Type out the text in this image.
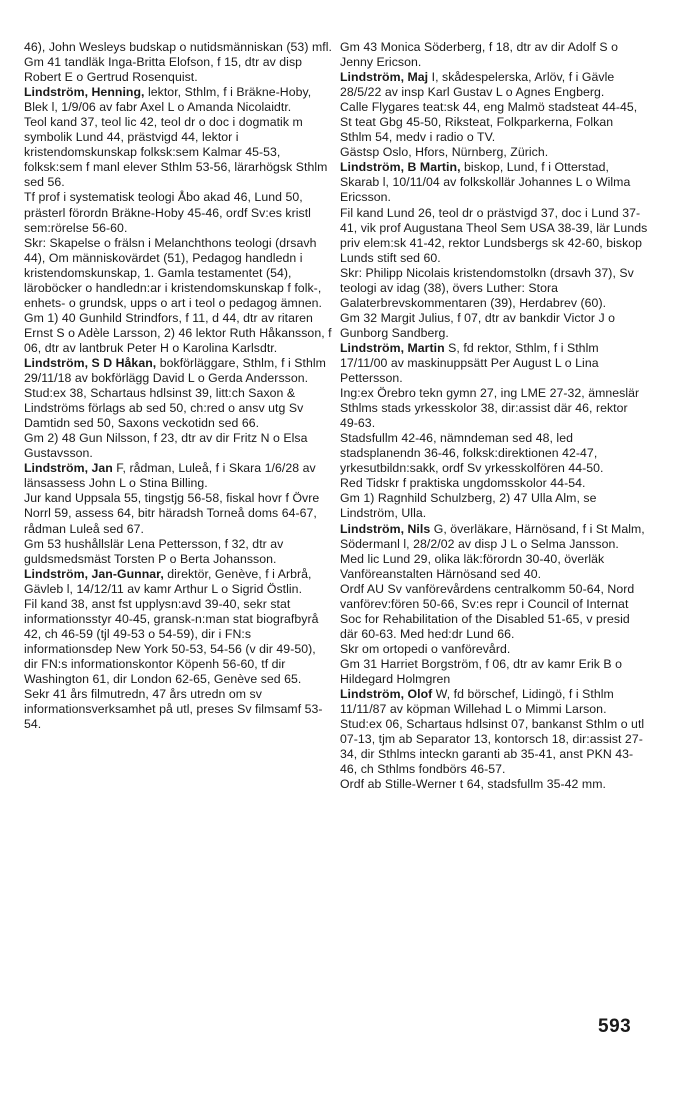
46), John Wesleys budskap o nutidsmänniskan (53) mfl.

Gm 41 tandläk Inga-Britta Elofson, f 15, dtr av disp Robert E o Gertrud Rosenquist.

Lindström, Henning, lektor, Sthlm, f i Bräkne-Hoby, Blek l, 1/9/06 av fabr Axel L o Amanda Nicolaidtr.

Teol kand 37, teol lic 42, teol dr o doc i dogmatik m symbolik Lund 44, prästvigd 44, lektor i kristendomskunskap folksk:sem Kalmar 45-53, folksk:sem f manl elever Sthlm 53-56, lärarhögsk Sthlm sed 56.

Tf prof i systematisk teologi Åbo akad 46, Lund 50, prästerl förordn Bräkne-Hoby 45-46, ordf Sv:es kristl sem:rörelse 56-60.

Skr: Skapelse o frälsn i Melanchthons teologi (drsavh 44), Om människovärdet (51), Pedagog handledn i kristendomskunskap, 1. Gamla testamentet (54), läroböcker o handledn:ar i kristendomskunskap f folk-, enhets- o grundsk, upps o art i teol o pedagog ämnen.

Gm 1) 40 Gunhild Strindfors, f 11, d 44, dtr av ritaren Ernst S o Adèle Larsson, 2) 46 lektor Ruth Håkansson, f 06, dtr av lantbruk Peter H o Karolina Karlsdtr.

Lindström, S D Håkan, bokförläggare, Sthlm, f i Sthlm 29/11/18 av bokförlägg David L o Gerda Andersson.

Stud:ex 38, Schartaus hdlsinst 39, litt:ch Saxon & Lindströms förlags ab sed 50, ch:red o ansv utg Sv Damtidn sed 50, Saxons veckotidn sed 66.

Gm 2) 48 Gun Nilsson, f 23, dtr av dir Fritz N o Elsa Gustavsson.

Lindström, Jan F, rådman, Luleå, f i Skara 1/6/28 av länsassess John L o Stina Billing.

Jur kand Uppsala 55, tingstjg 56-58, fiskal hovr f Övre Norrl 59, assess 64, bitr häradsh Torneå doms 64-67, rådman Luleå sed 67.

Gm 53 hushållslär Lena Pettersson, f 32, dtr av guldsmedsmäst Torsten P o Berta Johansson.

Lindström, Jan-Gunnar, direktör, Genève, f i Arbrå, Gävleb l, 14/12/11 av kamr Arthur L o Sigrid Östlin.

Fil kand 38, anst fst upplysn:avd 39-40, sekr stat informationsstyr 40-45, gransk-n:man stat biografbyrå 42, ch 46-59 (tjl 49-53 o 54-59), dir i FN:s informationsdep New York 50-53, 54-56 (v dir 49-50), dir FN:s informationskontor Köpenh 56-60, tf dir Washington 61, dir London 62-65, Genève sed 65.

Sekr 41 års filmutredn, 47 års utredn om sv informationsverksamhet på utl, preses Sv filmsamf 53-54.

Gm 43 Monica Söderberg, f 18, dtr av dir Adolf S o Jenny Ericson.

Lindström, Maj I, skådespelerska, Arlöv, f i Gävle 28/5/22 av insp Karl Gustav L o Agnes Engberg.

Calle Flygares teat:sk 44, eng Malmö stadsteat 44-45, St teat Gbg 45-50, Riksteat, Folkparkerna, Folkan Sthlm 54, medv i radio o TV.

Gästsp Oslo, Hfors, Nürnberg, Zürich.

Lindström, B Martin, biskop, Lund, f i Otterstad, Skarab l, 10/11/04 av folkskollär Johannes L o Wilma Ericsson.

Fil kand Lund 26, teol dr o prästvigd 37, doc i Lund 37-41, vik prof Augustana Theol Sem USA 38-39, lär Lunds priv elem:sk 41-42, rektor Lundsbergs sk 42-60, biskop Lunds stift sed 60.

Skr: Philipp Nicolais kristendomstolkn (drsavh 37), Sv teologi av idag (38), övers Luther: Stora Galaterbrevskommentaren (39), Herdabrev (60).

Gm 32 Margit Julius, f 07, dtr av bankdir Victor J o Gunborg Sandberg.

Lindström, Martin S, fd rektor, Sthlm, f i Sthlm 17/11/00 av maskinuppsätt Per August L o Lina Pettersson.

Ing:ex Örebro tekn gymn 27, ing LME 27-32, ämneslär Sthlms stads yrkesskolor 38, dir:assist där 46, rektor 49-63.

Stadsfullm 42-46, nämndeman sed 48, led stadsplanendn 36-46, folksk:direktionen 42-47, yrkesutbildn:sakk, ordf Sv yrkesskolfören 44-50.

Red Tidskr f praktiska ungdomsskolor 44-54.

Gm 1) Ragnhild Schulzberg, 2) 47 Ulla Alm, se Lindström, Ulla.

Lindström, Nils G, överläkare, Härnösand, f i St Malm, Södermanl l, 28/2/02 av disp J L o Selma Jansson.

Med lic Lund 29, olika läk:förordn 30-40, överläk Vanföreanstalten Härnösand sed 40.

Ordf AU Sv vanförevårdens centralkomm 50-64, Nord vanförev:fören 50-66, Sv:es repr i Council of Internat Soc for Rehabilitation of the Disabled 51-65, v presid där 60-63. Med hed:dr Lund 66.

Skr om ortopedi o vanförevård.

Gm 31 Harriet Borgström, f 06, dtr av kamr Erik B o Hildegard Holmgren

Lindström, Olof W, fd börschef, Lidingö, f i Sthlm 11/11/87 av köpman Willehad L o Mimmi Larson.

Stud:ex 06, Schartaus hdlsinst 07, bankanst Sthlm o utl 07-13, tjm ab Separator 13, kontorsch 18, dir:assist 27-34, dir Sthlms inteckn garanti ab 35-41, anst PKN 43-46, ch Sthlms fondbörs 46-57.

Ordf ab Stille-Werner t 64, stadsfullm 35-42 mm.

593
